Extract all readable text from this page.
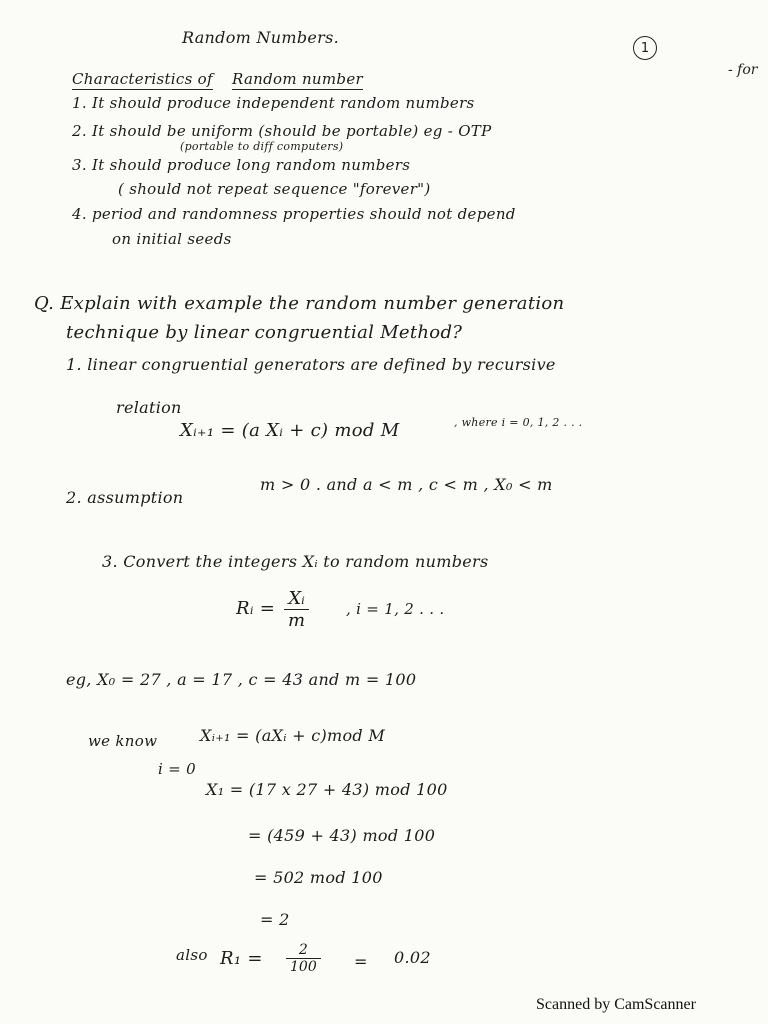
Random Numbers.
1
- for
Characteristics of Random number
1. It should produce independent random numbers
2. It should be uniform (should be portable) eg - OTP
(portable to diff computers)
3. It should produce long random numbers
( should not repeat sequence "forever")
4. period and randomness properties should not depend
on initial seeds
Q. Explain with example the random number generation
technique by linear congruential Method?
1. linear congruential generators are defined by recursive
relation
Xᵢ₊₁ = (a Xᵢ + c) mod M	, where i = 0, 1, 2 . . .
2. assumption
m > 0 . and a < m , c < m , X₀ < m
3. Convert the integers Xᵢ to random numbers
Rᵢ = $\frac{\text{Xᵢ}}{m}$ , i = 1, 2 . . .
eg, X₀ = 27 , a = 17 , c = 43 and m = 100
we know	Xᵢ₊₁ = (aXᵢ + c)mod M
i = 0
X₁ = (17 x 27 + 43) mod 100
= (459 + 43) mod 100
= 502 mod 100
= 2
also $R_1 = \frac{2}{100} = 0.02$
Scanned by CamScanner
